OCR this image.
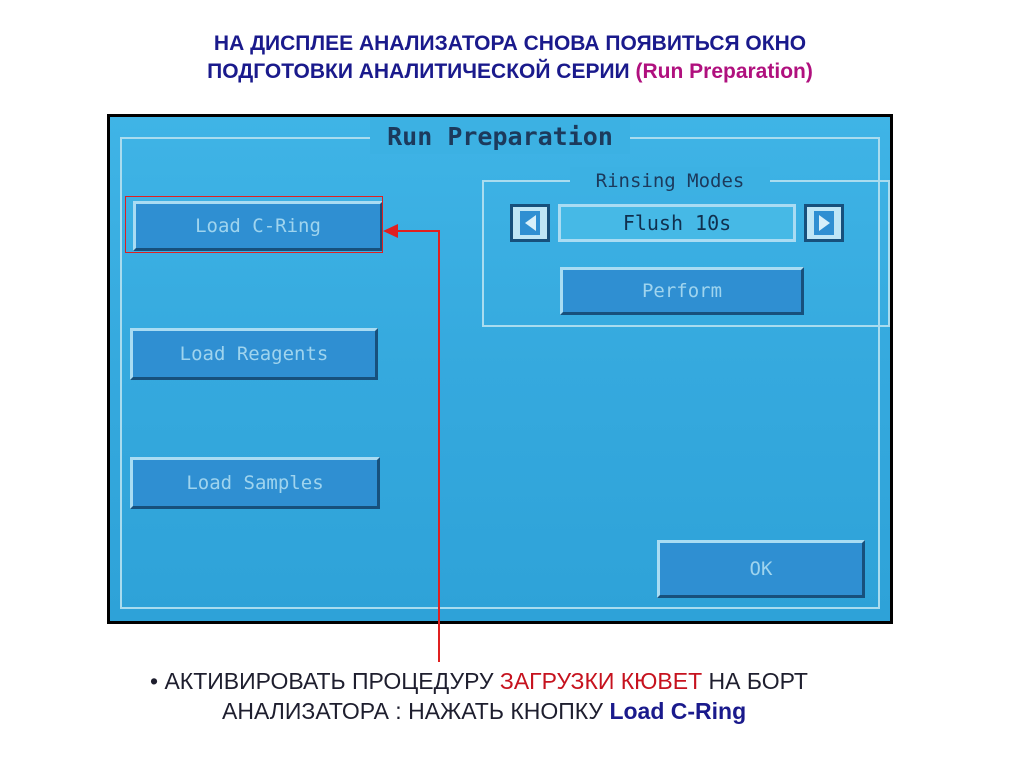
НА ДИСПЛЕЕ АНАЛИЗАТОРА СНОВА ПОЯВИТЬСЯ ОКНО
ПОДГОТОВКИ АНАЛИТИЧЕСКОЙ СЕРИИ (Run Preparation)
Run Preparation
Load C-Ring
Load Reagents
Load Samples
Rinsing Modes
Flush 10s
Perform
OK
• АКТИВИРОВАТЬ ПРОЦЕДУРУ ЗАГРУЗКИ КЮВЕТ НА БОРТ
АНАЛИЗАТОРА : НАЖАТЬ КНОПКУ Load C-Ring
